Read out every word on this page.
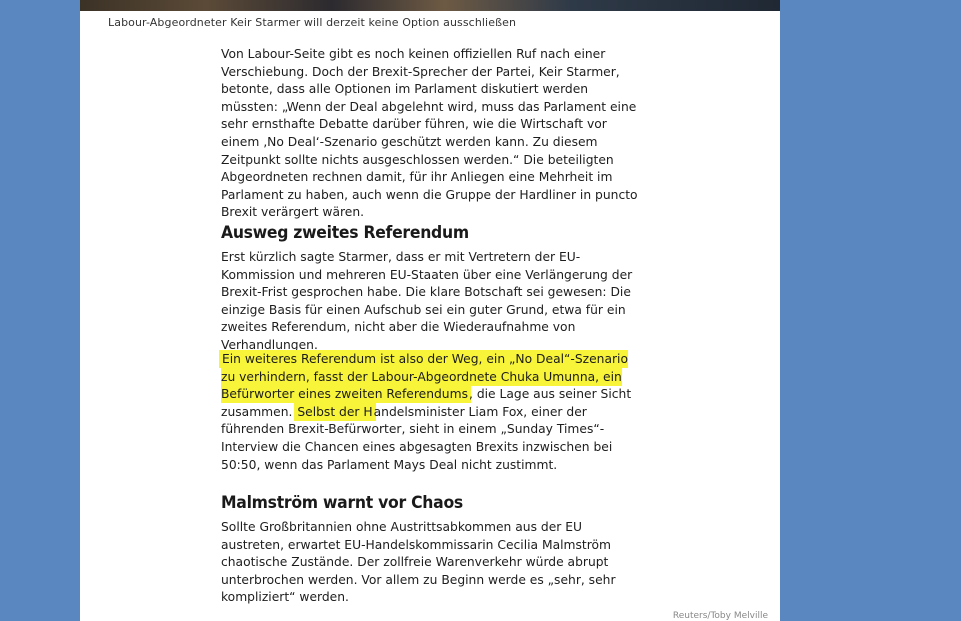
Labour-Abgeordneter Keir Starmer will derzeit keine Option ausschließen

Von Labour-Seite gibt es noch keinen offiziellen Ruf nach einer Verschiebung. Doch der Brexit-Sprecher der Partei, Keir Starmer, betonte, dass alle Optionen im Parlament diskutiert werden müssten: „Wenn der Deal abgelehnt wird, muss das Parlament eine sehr ernsthafte Debatte darüber führen, wie die Wirtschaft vor einem ‚No Deal‘-Szenario geschützt werden kann. Zu diesem Zeitpunkt sollte nichts ausgeschlossen werden.“ Die beteiligten Abgeordneten rechnen damit, für ihr Anliegen eine Mehrheit im Parlament zu haben, auch wenn die Gruppe der Hardliner in puncto Brexit verärgert wären.

Ausweg zweites Referendum

Erst kürzlich sagte Starmer, dass er mit Vertretern der EU-Kommission und mehreren EU-Staaten über eine Verlängerung der Brexit-Frist gesprochen habe. Die klare Botschaft sei gewesen: Die einzige Basis für einen Aufschub sei ein guter Grund, etwa für ein zweites Referendum, nicht aber die Wiederaufnahme von Verhandlungen.

Ein weiteres Referendum ist also der Weg, ein „No Deal“-Szenario zu verhindern, fasst der Labour-Abgeordnete Chuka Umunna, ein Befürworter eines zweiten Referendums, die Lage aus seiner Sicht zusammen. Selbst der Handelsminister Liam Fox, einer der führenden Brexit-Befürworter, sieht in einem „Sunday Times“-Interview die Chancen eines abgesagten Brexits inzwischen bei 50:50, wenn das Parlament Mays Deal nicht zustimmt.

Malmström warnt vor Chaos

Sollte Großbritannien ohne Austrittsabkommen aus der EU austreten, erwartet EU-Handelskommissarin Cecilia Malmström chaotische Zustände. Der zollfreie Warenverkehr würde abrupt unterbrochen werden. Vor allem zu Beginn werde es „sehr, sehr kompliziert“ werden.

Reuters/Toby Melville
